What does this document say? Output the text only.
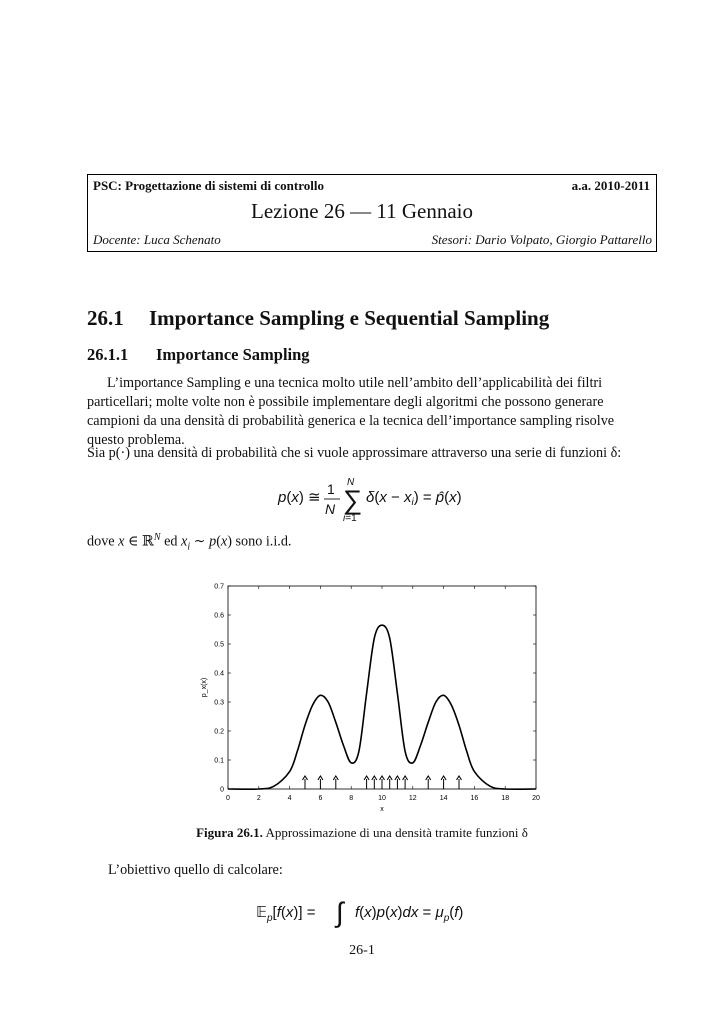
PSC: Progettazione di sistemi di controllo	a.a. 2010-2011
Lezione 26 — 11 Gennaio
Docente: Luca Schenato	Stesori: Dario Volpato, Giorgio Pattarello
26.1 Importance Sampling e Sequential Sampling
26.1.1 Importance Sampling
L’importance Sampling e una tecnica molto utile nell’ambito dell’applicabilità dei filtri
particellari; molte volte non è possibile implementare degli algoritmi che possono generare
campioni da una densità di probabilità generica e la tecnica dell’importance sampling risolve
questo problema.
Sia p(·) una densità di probabilità che si vuole approssimare attraverso una serie di funzioni δ:
p(x) ≅ 1
N ∑
N
i=1
$\delta(x - x_i)$ = p̂(x)
dove x ∈ ℝ$^N$ ed $x_i$ ∼ p(x) sono i.i.d.
0	2	4	6	8	10	12	14	16	18	20
0
0.1
0.2
0.3
0.4
0.5
0.6
0.7
x
p_x(x)
Figura 26.1. Approssimazione di una densità tramite funzioni δ
L’obiettivo quello di calcolare:
𝔼$_p$[f(x)] = ∫ $f(x)p(x)dx = \mu_p(f)$
26-1
